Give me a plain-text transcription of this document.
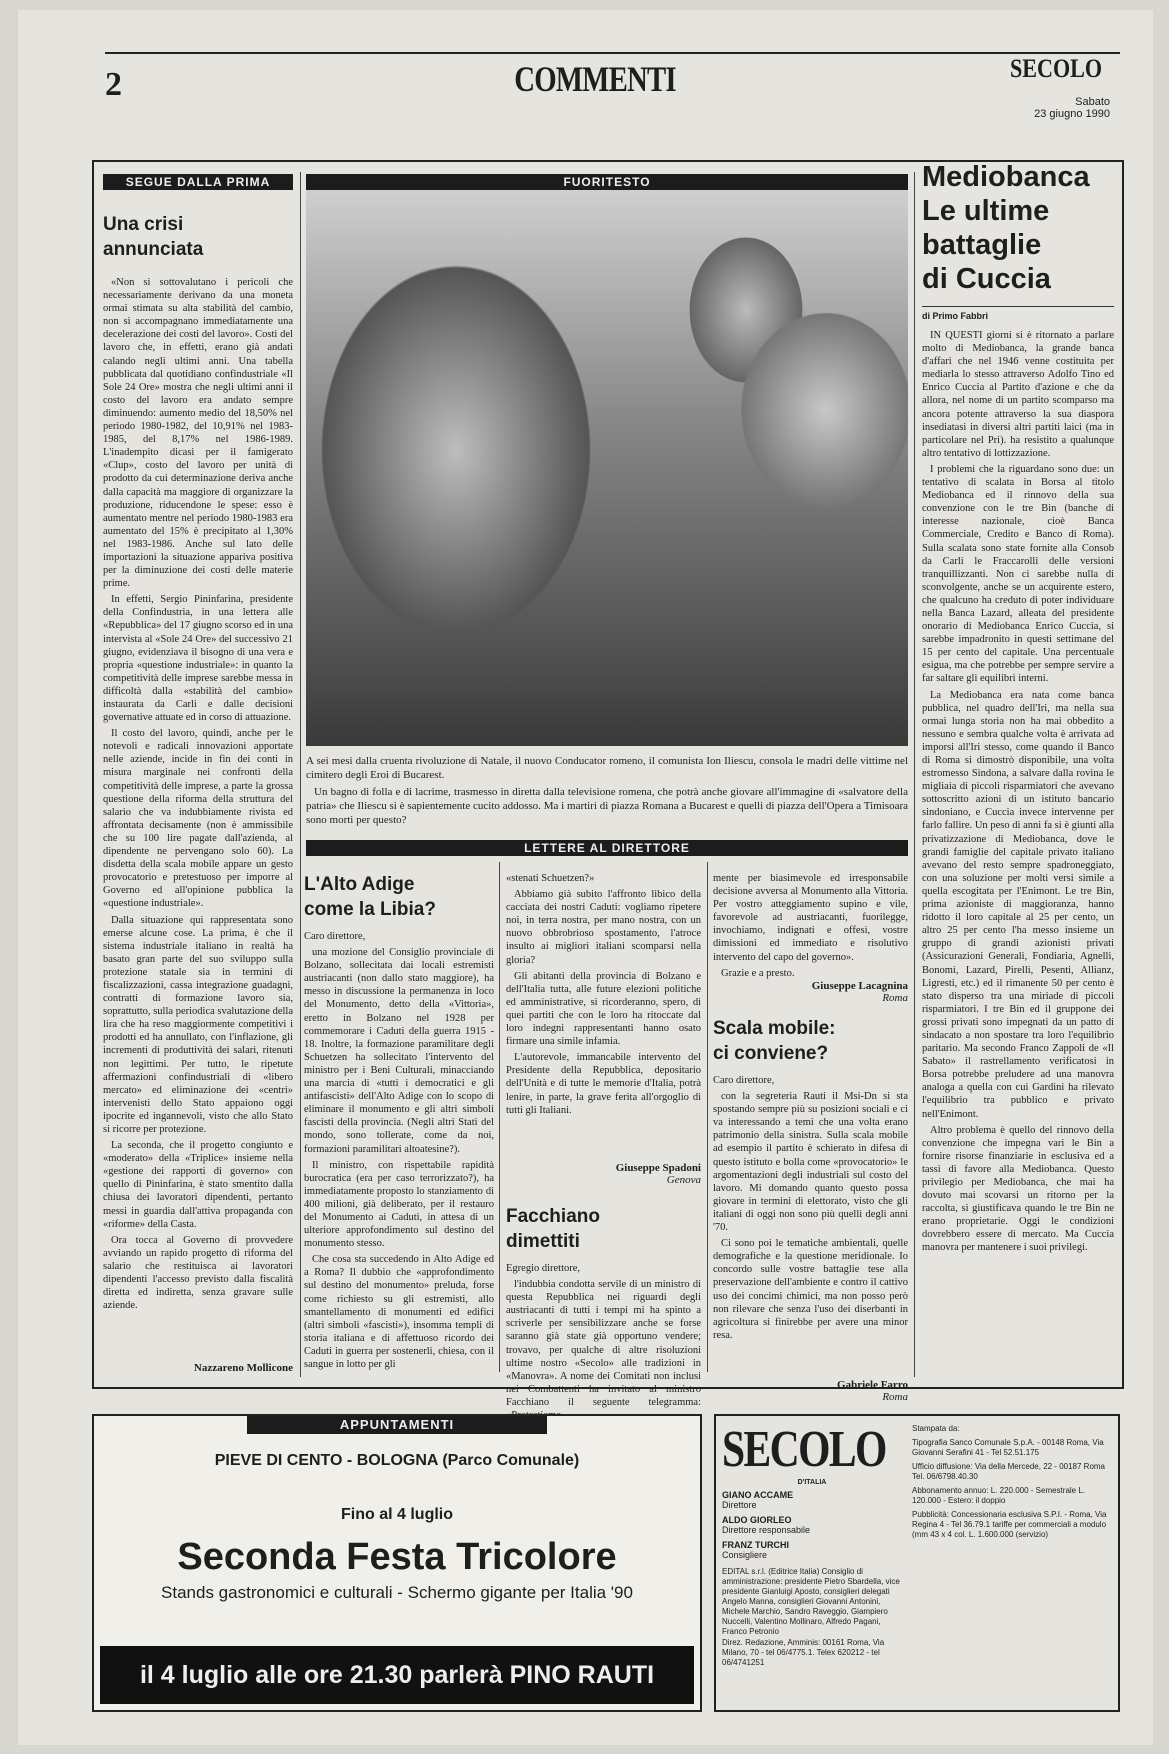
2	COMMENTI	SECOLO
Sabato
23 giugno 1990
SEGUE DALLA PRIMA
Una crisi
annunciata

«Non si sottovalutano i pericoli che necessariamente derivano da una moneta ormai stimata su alta stabilità del cambio, non si accompagnano immediatamente una decelerazione dei costi del lavoro». Costi del lavoro che, in effetti, erano già andati calando negli ultimi anni. Una tabella pubblicata dal quotidiano confindustriale «Il Sole 24 Ore» mostra che negli ultimi anni il costo del lavoro era andato sempre diminuendo: aumento medio del 18,50% nel periodo 1980-1982, del 10,91% nel 1983-1985, del 8,17% nel 1986-1989. L'inadempito dicasi per il famigerato «Clup», costo del lavoro per unità di prodotto da cui determinazione deriva anche dalla capacità ma maggiore di organizzare la produzione, riducendone le spese: esso è aumentato mentre nel periodo 1980-1983 era aumentato del 15% è precipitato al 1,30% nel 1983-1986. Anche sul lato delle importazioni la situazione appariva positiva per la diminuzione dei costi delle materie prime.

In effetti, Sergio Pininfarina, presidente della Confindustria, in una lettera alle «Repubblica» del 17 giugno scorso ed in una intervista al «Sole 24 Ore» del successivo 21 giugno, evidenziava il bisogno di una vera e propria «questione industriale»: in quanto la competitività delle imprese sarebbe messa in difficoltà dalla «stabilità del cambio» instaurata da Carli e dalle decisioni governative attuate ed in corso di attuazione.

Il costo del lavoro, quindi, anche per le notevoli e radicali innovazioni apportate nelle aziende, incide in fin dei conti in misura marginale nei confronti della competitività delle imprese, a parte la grossa questione della riforma della struttura del salario che va indubbiamente rivista ed affrontata decisamente (non è ammissibile che su 100 lire pagate dall'azienda, al dipendente ne pervengano solo 60). La disdetta della scala mobile appare un gesto provocatorio e pretestuoso per imporre al Governo ed all'opinione pubblica la «questione industriale».

Dalla situazione qui rappresentata sono emerse alcune cose. La prima, è che il sistema industriale italiano in realtà ha basato gran parte del suo sviluppo sulla protezione statale sia in termini di fiscalizzazioni, cassa integrazione guadagni, contratti di formazione lavoro sia, soprattutto, sulla periodica svalutazione della lira che ha reso maggiormente competitivi i prodotti ed ha annullato, con l'inflazione, gli incrementi di produttività dei salari, ritenuti non legittimi. Per tutto, le ripetute affermazioni confindustriali di «libero mercato» ed eliminazione dei «centri» intervenisti dello Stato appaiono oggi ipocrite ed ingannevoli, visto che allo Stato si ricorre per protezione.

La seconda, che il progetto congiunto e «moderato» della «Triplice» insieme nella «gestione dei rapporti di governo» con quello di Pininfarina, è stato smentito dalla chiusa dei lavoratori dipendenti, pertanto messi in guardia dall'attiva propaganda con «riforme» della Casta.

Ora tocca al Governo di provvedere avviando un rapido progetto di riforma del salario che restituisca ai lavoratori dipendenti l'accesso previsto dalla fiscalità diretta ed indiretta, senza gravare sulle aziende.

Nazzareno Mollicone
FUORITESTO

A sei mesi dalla cruenta rivoluzione di Natale, il nuovo Conducator romeno, il comunista Ion Iliescu, consola le madri delle vittime nel cimitero degli Eroi di Bucarest.

Un bagno di folla e di lacrime, trasmesso in diretta dalla televisione romena, che potrà anche giovare all'immagine di «salvatore della patria» che Iliescu si è sapientemente cucito addosso. Ma i martiri di piazza Romana a Bucarest e quelli di piazza dell'Opera a Timisoara sono morti per questo?

LETTERE AL DIRETTORE
L'Alto Adige
come la Libia?

Caro direttore,

una mozione del Consiglio provinciale di Bolzano, sollecitata dai locali estremisti austriacanti (non dallo stato maggiore), ha messo in discussione la permanenza in loco del Monumento, detto della «Vittoria», eretto in Bolzano nel 1928 per commemorare i Caduti della guerra 1915 - 18. Inoltre, la formazione paramilitare degli Schuetzen ha sollecitato l'intervento del ministro per i Beni Culturali, minacciando una marcia di «tutti i democratici e gli antifascisti» dell'Alto Adige con lo scopo di eliminare il monumento e gli altri simboli fascisti della provincia. (Negli altri Stati del mondo, sono tollerate, come da noi, formazioni paramilitari altoatesine?).

Il ministro, con rispettabile rapidità burocratica (era per caso terrorizzato?), ha immediatamente proposto lo stanziamento di 400 milioni, già deliberato, per il restauro del Monumento ai Caduti, in attesa di un ulteriore approfondimento sul destino del monumento stesso.

Che cosa sta succedendo in Alto Adige ed a Roma? Il dubbio che «approfondimento sul destino del monumento» preluda, forse come richiesto su gli estremisti, allo smantellamento di monumenti ed edifici (altri simboli «fascisti»), insomma templi di storia italiana e di affettuoso ricordo dei Caduti in guerra per sostenerli, chiesa, con il sangue in lotto per gli

«stenati Schuetzen?»

Abbiamo già subito l'affronto libico della cacciata dei nostri Caduti: vogliamo ripetere noi, in terra nostra, per mano nostra, con un nuovo obbrobrioso spostamento, l'atroce insulto ai migliori italiani scomparsi nella gloria?

Gli abitanti della provincia di Bolzano e dell'Italia tutta, alle future elezioni politiche ed amministrative, si ricorderanno, spero, di quei partiti che con le loro ha ritoccate dal loro indegni rappresentanti hanno osato firmare una simile infamia.

L'autorevole, immancabile intervento del Presidente della Repubblica, depositario dell'Unità e di tutte le memorie d'Italia, potrà lenire, in parte, la grave ferita all'orgoglio di tutti gli Italiani.

Giuseppe Spadoni
Genova
Facchiano
dimettiti

Egregio direttore,

l'indubbia condotta servile di un ministro di questa Repubblica nei riguardi degli austriacanti di tutti i tempi mi ha spinto a scriverle per sensibilizzare anche se forse saranno già state già opportuno vendere; trovavo, per qualche di altre risoluzioni ultime nostro «Secolo» alle tradizioni in «Manovra». A nome dei Comitati non inclusi nei Combattenti ha invitato al ministro Facchiano il seguente telegramma:

mente per biasimevole ed irresponsabile decisione avversa al Monumento alla Vittoria. Per vostro atteggiamento supino e vile, favorevole ad austriacanti, fuorilegge, invochiamo, indignati e offesi, vostre dimissioni ed immediato e risolutivo intervento del capo del governo».

Grazie e a presto.

Giuseppe Lacagnina
Roma
Scala mobile:
ci conviene?

Caro direttore,

con la segreteria Rauti il Msi-Dn si sta spostando sempre più su posizioni sociali e ci va interessando a temi che una volta erano patrimonio della sinistra. Sulla scala mobile ad esempio il partito è schierato in difesa di questo istituto e bolla come «provocatorio» le argomentazioni degli industriali sul costo del lavoro. Mi domando quanto questo possa giovare in termini di elettorato, visto che gli italiani di oggi non sono più quelli degli anni '70.

Ci sono poi le tematiche ambientali, quelle demografiche e la questione meridionale. Io concordo sulle vostre battaglie tese alla preservazione dell'ambiente e contro il cattivo uso dei concimi chimici, ma non posso però non rilevare che senza l'uso dei diserbanti in agricoltura si finirebbe per avere una minor resa.

Gabriele Farro
Roma
Mediobanca
Le ultime
battaglie
di Cuccia
di Primo Fabbri

IN QUESTI giorni si è ritornato a parlare molto di Mediobanca, la grande banca d'affari che nel 1946 venne costituita per mediarla lo stesso attraverso Adolfo Tino ed Enrico Cuccia al Partito d'azione e che da allora, nel nome di un partito scomparso ma ancora potente attraverso la sua diaspora insediatasi in diversi altri partiti laici (ma in particolare nel Pri). ha resistito a qualunque altro tentativo di lottizzazione.

I problemi che la riguardano sono due: un tentativo di scalata in Borsa al titolo Mediobanca ed il rinnovo della sua convenzione con le tre Bin (banche di interesse nazionale, cioè Banca Commerciale, Credito e Banco di Roma). Sulla scalata sono state fornite alla Consob da Carli le Fraccarolli delle versioni tranquillizzanti. Non ci sarebbe nulla di sconvolgente, anche se un acquirente estero, che qualcuno ha creduto di poter individuare nella Banca Lazard, alleata del presidente onorario di Mediobanca Enrico Cuccia, si sarebbe impadronito in questi settimane del 15 per cento del capitale. Una percentuale esigua, ma che potrebbe per sempre servire a far saltare gli equilibri interni.

La Mediobanca era nata come banca pubblica, nel quadro dell'Iri, ma nella sua ormai lunga storia non ha mai obbedito a nessuno e sembra qualche volta è arrivata ad imporsi all'Iri stesso, come quando il Banco di Roma si dimostrò disponibile, una volta estromesso Sindona, a salvare dalla rovina le migliaia di piccoli risparmiatori che avevano sottoscritto azioni di un istituto bancario sindoniano, e Cuccia invece intervenne per farlo fallire. Un peso di anni fa si è giunti alla privatizzazione di Mediobanca, dove le grandi famiglie del capitale privato italiano avevano del resto sempre spadroneggiato, con una soluzione per molti versi simile a quella escogitata per l'Enimont. Le tre Bin, prima azioniste di maggioranza, hanno ridotto il loro capitale al 25 per cento, un altro 25 per cento l'ha messo insieme un gruppo di grandi azionisti privati (Assicurazioni Generali, Fondiaria, Agnelli, Bonomi, Lazard, Pirelli, Pesenti, Allianz, Ligresti, etc.) ed il rimanente 50 per cento è stato disperso tra una miriade di piccoli risparmiatori. I tre Bin ed il gruppone dei grossi privati sono impegnati da un patto di sindacato a non spostare tra loro l'equilibrio paritario. Ma secondo Franco Zappoli de «Il Sabato» il rastrellamento verificatosi in Borsa potrebbe preludere ad una manovra analoga a quella con cui Gardini ha rilevato l'equilibrio tra pubblico e privato nell'Enimont.

Altro problema è quello del rinnovo della convenzione che impegna vari le Bin a fornire risorse finanziarie in esclusiva ed a tassi di favore alla Mediobanca. Questo privilegio per Mediobanca, che mai ha dovuto mai scovarsi un ritorno per la raccolta, si giustificava quando le tre Bin ne erano proprietarie. Oggi le condizioni dovrebbero essere di mercato. Ma Cuccia manovra per mantenere i suoi privilegi.

APPUNTAMENTI
PIEVE DI CENTO - BOLOGNA (Parco Comunale)
Fino al 4 luglio
Seconda Festa Tricolore
Stands gastronomici e culturali - Schermo gigante per Italia '90
il 4 luglio alle ore 21.30 parlerà PINO RAUTI
SECOLO
D'ITALIA
GIANO ACCAME
Direttore
ALDO GIORLEO
Direttore responsabile
FRANZ TURCHI
Consigliere
EDITAL s.r.l. (Editrice Italia) Consiglio di amministrazione: presidente Pietro Sbardella, vice presidente Gianluigi Aposto, consiglieri delegati Angelo Manna, consiglieri Giovanni Antonini, Michele Marchio, Sandro Raveggio, Giampiero Nuccelli, Valentino Mollinaro, Alfredo Pagani, Franco Petronio
Direz. Redazione, Amminis: 00161 Roma, Via Milano, 70 - tel 06/4775.1. Telex 620212 - tel 06/4741251
Stampata da:
Tipografia Sanco Comunale S.p.A. - 00148 Roma, Via Giovanni Serafini 41 - Tel 52.51.175
Ufficio diffusione: Via della Mercede, 22 - 00187 Roma Tel. 06/6798.40.30
Abbonamento annuo: L. 220.000 - Semestrale L. 120.000 - Estero: il doppio
Pubblicità: Concessionaria esclusiva S.P.I. - Roma, Via Regina 4 - Tel 36.79.1 tariffe per commerciali a modulo (mm 43 x 4 col. L. 1.600.000 (servizio)
